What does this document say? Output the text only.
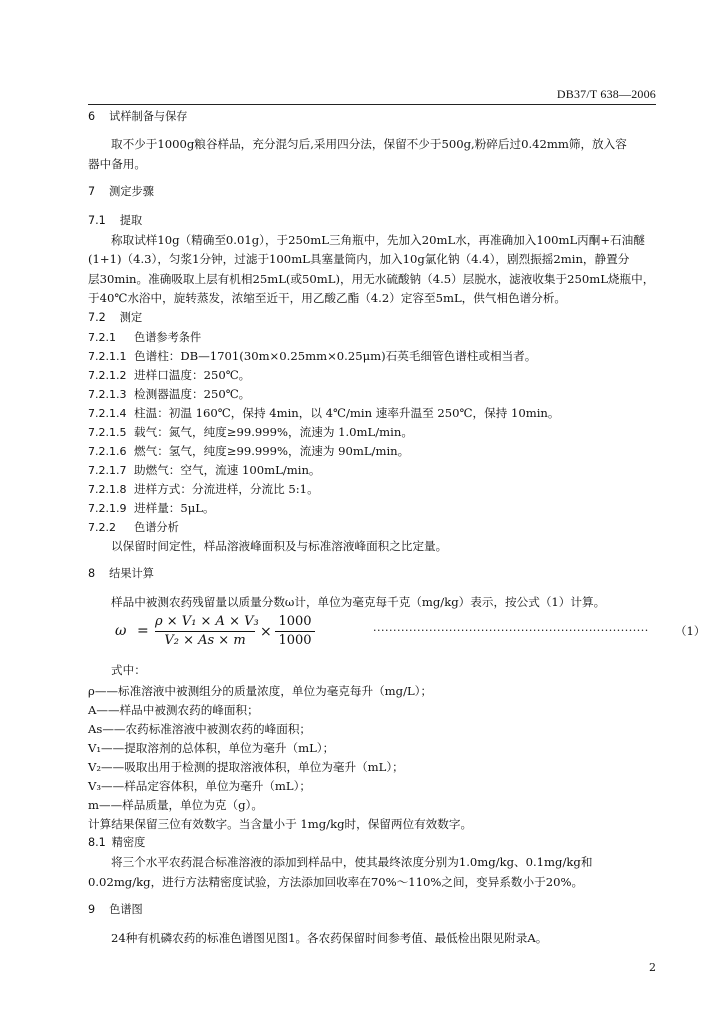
DB37/T 638—2006
6 试样制备与保存
取不少于1000g粮谷样品，充分混匀后,采用四分法，保留不少于500g,粉碎后过0.42mm筛，放入容
器中备用。
7 测定步骤
7.1 提取
称取试样10g（精确至0.01g），于250mL三角瓶中，先加入20mL水，再准确加入100mL丙酮+石油醚
(1+1)（4.3），匀浆1分钟，过滤于100mL具塞量筒内，加入10g氯化钠（4.4），剧烈振摇2min，静置分
层30min。准确吸取上层有机相25mL(或50mL)，用无水硫酸钠（4.5）层脱水，滤液收集于250mL烧瓶中，
于40℃水浴中，旋转蒸发，浓缩至近干，用乙酸乙酯（4.2）定容至5mL，供气相色谱分析。
7.2 测定
7.2.1 色谱参考条件
7.2.1.1 色谱柱：DB—1701(30m×0.25mm×0.25μm)石英毛细管色谱柱或相当者。
7.2.1.2 进样口温度：250℃。
7.2.1.3 检测器温度：250℃。
7.2.1.4 柱温：初温 160℃，保持 4min，以 4℃/min 速率升温至 250℃，保持 10min。
7.2.1.5 载气：氮气，纯度≥99.999%，流速为 1.0mL/min。
7.2.1.6 燃气：氢气，纯度≥99.999%，流速为 90mL/min。
7.2.1.7 助燃气：空气，流速 100mL/min。
7.2.1.8 进样方式：分流进样，分流比 5:1。
7.2.1.9 进样量：5μL。
7.2.2 色谱分析
以保留时间定性，样品溶液峰面积及与标准溶液峰面积之比定量。
8 结果计算
样品中被测农药残留量以质量分数ω计，单位为毫克每千克（mg/kg）表示，按公式（1）计算。
ω =
ρ × V₁ × A × V₃
V₂ × As × m
×
1000
1000
·····································································	（1）
式中：
ρ——标准溶液中被测组分的质量浓度，单位为毫克每升（mg/L）；
A——样品中被测农药的峰面积；
As——农药标准溶液中被测农药的峰面积；
V₁——提取溶剂的总体积，单位为毫升（mL）；
V₂——吸取出用于检测的提取溶液体积，单位为毫升（mL）；
V₃——样品定容体积，单位为毫升（mL）；
m——样品质量，单位为克（g）。
计算结果保留三位有效数字。当含量小于 1mg/kg时，保留两位有效数字。
8.1 精密度
将三个水平农药混合标准溶液的添加到样品中，使其最终浓度分别为1.0mg/kg、0.1mg/kg和
0.02mg/kg，进行方法精密度试验，方法添加回收率在70%～110%之间，变异系数小于20%。
9 色谱图
24种有机磷农药的标准色谱图见图1。各农药保留时间参考值、最低检出限见附录A。
2
